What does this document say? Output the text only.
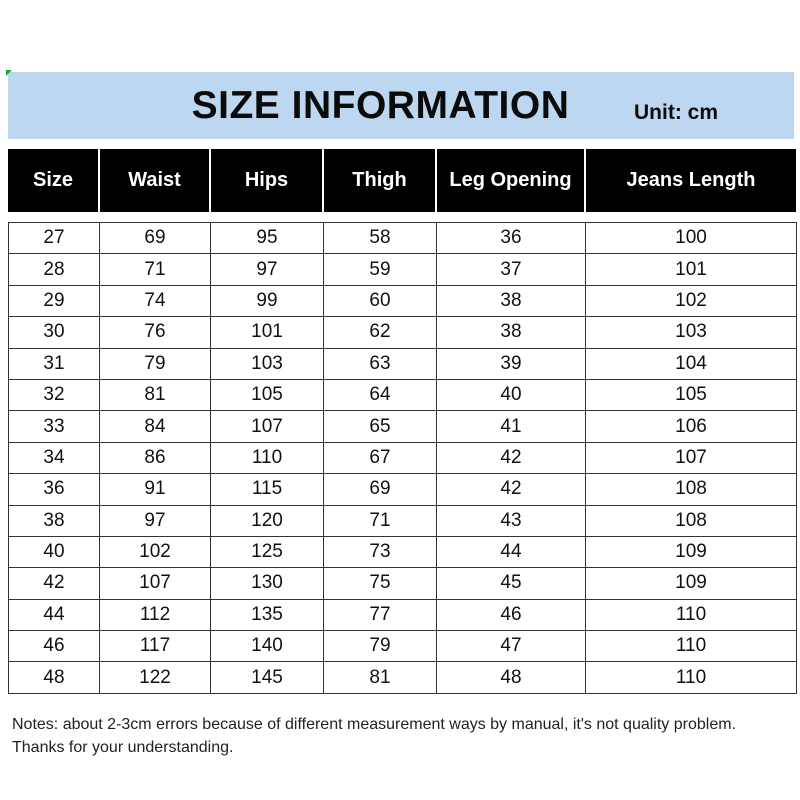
SIZE INFORMATION	Unit: cm
Size	Waist	Hips	Thigh	Leg Opening	Jeans Length
27	69	95	58	36	100
28	71	97	59	37	101
29	74	99	60	38	102
30	76	101	62	38	103
31	79	103	63	39	104
32	81	105	64	40	105
33	84	107	65	41	106
34	86	110	67	42	107
36	91	115	69	42	108
38	97	120	71	43	108
40	102	125	73	44	109
42	107	130	75	45	109
44	112	135	77	46	110
46	117	140	79	47	110
48	122	145	81	48	110
Notes: about 2-3cm errors because of different measurement ways by manual, it's not quality problem. Thanks for your understanding.
